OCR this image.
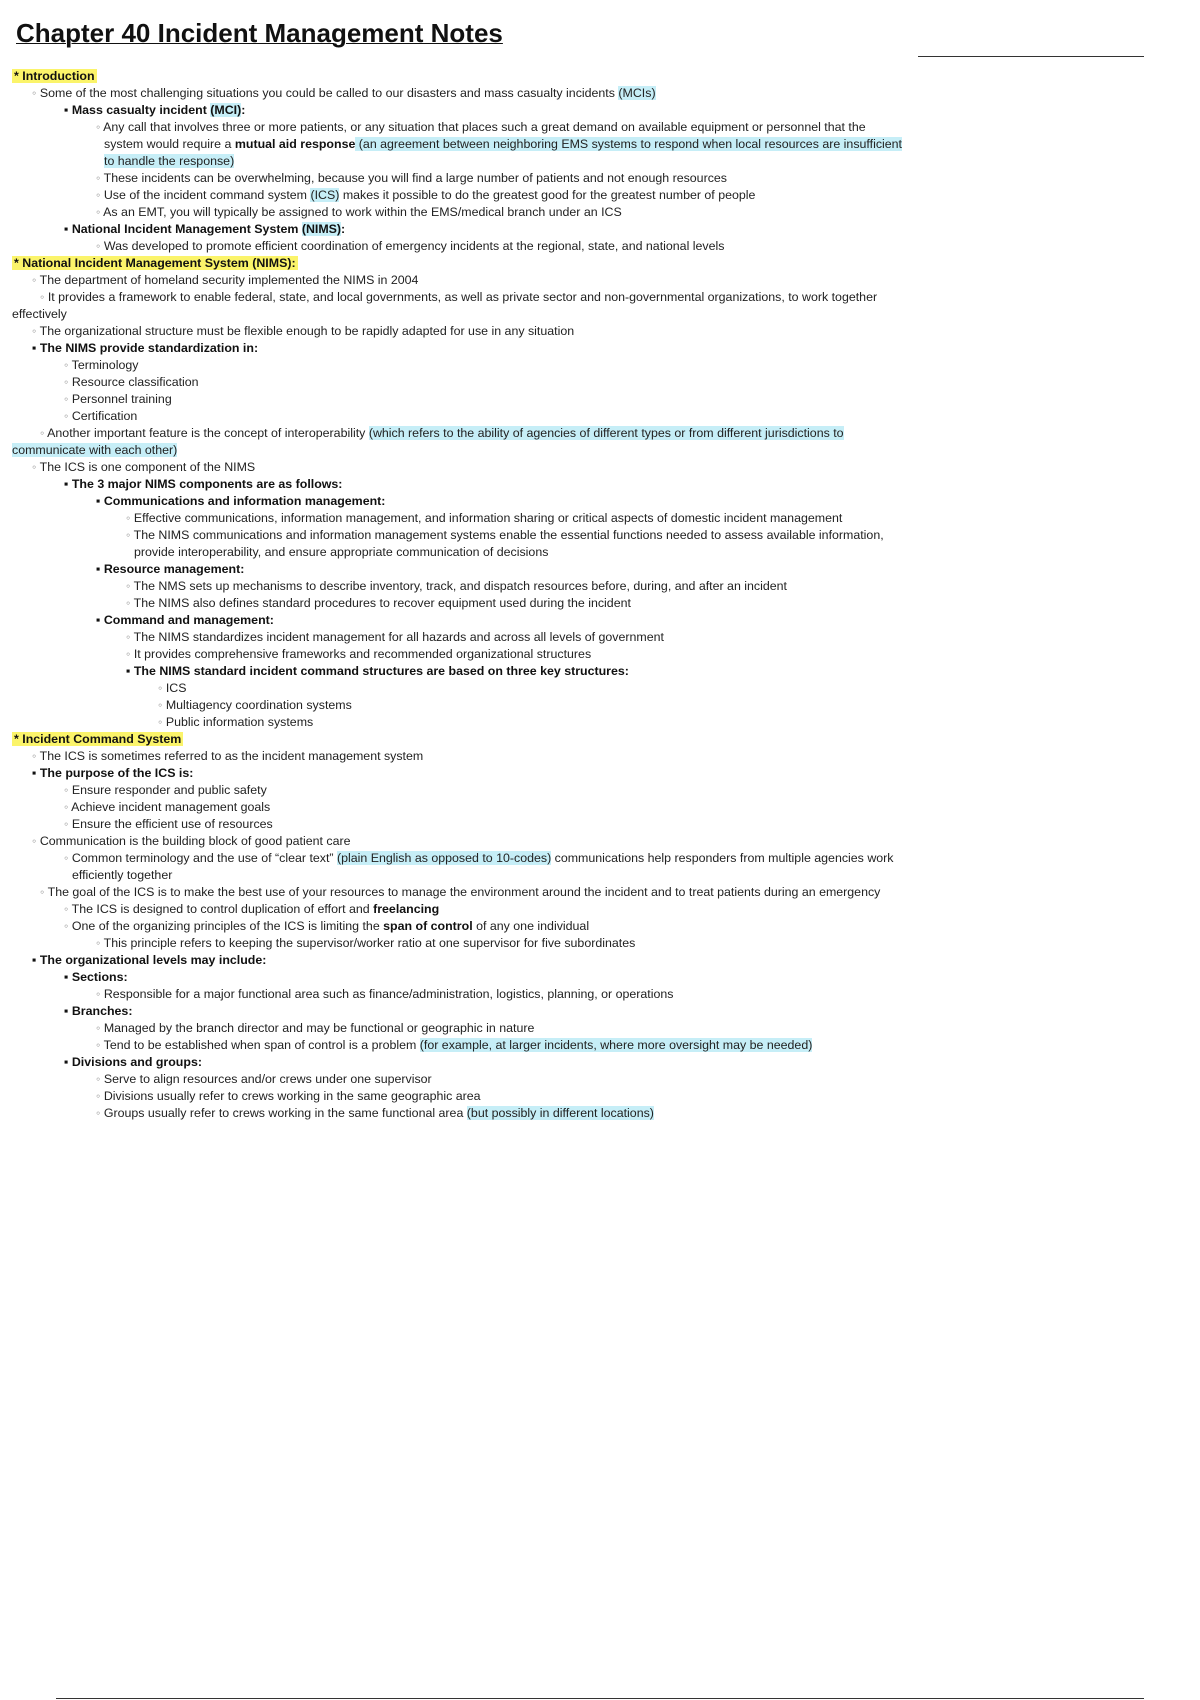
Chapter 40 Incident Management Notes
* Introduction
◦ Some of the most challenging situations you could be called to our disasters and mass casualty incidents (MCIs)
▪ Mass casualty incident (MCI):
◦ Any call that involves three or more patients, or any situation that places such a great demand on available equipment or personnel that the system would require a mutual aid response (an agreement between neighboring EMS systems to respond when local resources are insufficient to handle the response)
◦ These incidents can be overwhelming, because you will find a large number of patients and not enough resources
◦ Use of the incident command system (ICS) makes it possible to do the greatest good for the greatest number of people
◦ As an EMT, you will typically be assigned to work within the EMS/medical branch under an ICS
▪ National Incident Management System (NIMS):
◦ Was developed to promote efficient coordination of emergency incidents at the regional, state, and national levels
* National Incident Management System (NIMS):
◦ The department of homeland security implemented the NIMS in 2004
◦ It provides a framework to enable federal, state, and local governments, as well as private sector and non-governmental organizations, to work together effectively
◦ The organizational structure must be flexible enough to be rapidly adapted for use in any situation
▪ The NIMS provide standardization in:
◦ Terminology
◦ Resource classification
◦ Personnel training
◦ Certification
◦ Another important feature is the concept of interoperability (which refers to the ability of agencies of different types or from different jurisdictions to communicate with each other)
◦ The ICS is one component of the NIMS
▪ The 3 major NIMS components are as follows:
▪ Communications and information management:
◦ Effective communications, information management, and information sharing or critical aspects of domestic incident management
◦ The NIMS communications and information management systems enable the essential functions needed to assess available information, provide interoperability, and ensure appropriate communication of decisions
▪ Resource management:
◦ The NMS sets up mechanisms to describe inventory, track, and dispatch resources before, during, and after an incident
◦ The NIMS also defines standard procedures to recover equipment used during the incident
▪ Command and management:
◦ The NIMS standardizes incident management for all hazards and across all levels of government
◦ It provides comprehensive frameworks and recommended organizational structures
▪ The NIMS standard incident command structures are based on three key structures:
◦ ICS
◦ Multiagency coordination systems
◦ Public information systems
* Incident Command System
◦ The ICS is sometimes referred to as the incident management system
▪ The purpose of the ICS is:
◦ Ensure responder and public safety
◦ Achieve incident management goals
◦ Ensure the efficient use of resources
◦ Communication is the building block of good patient care
◦ Common terminology and the use of “clear text” (plain English as opposed to 10-codes) communications help responders from multiple agencies work efficiently together
◦ The goal of the ICS is to make the best use of your resources to manage the environment around the incident and to treat patients during an emergency
◦ The ICS is designed to control duplication of effort and freelancing
◦ One of the organizing principles of the ICS is limiting the span of control of any one individual
◦ This principle refers to keeping the supervisor/worker ratio at one supervisor for five subordinates
▪ The organizational levels may include:
▪ Sections:
◦ Responsible for a major functional area such as finance/administration, logistics, planning, or operations
▪ Branches:
◦ Managed by the branch director and may be functional or geographic in nature
◦ Tend to be established when span of control is a problem (for example, at larger incidents, where more oversight may be needed)
▪ Divisions and groups:
◦ Serve to align resources and/or crews under one supervisor
◦ Divisions usually refer to crews working in the same geographic area
◦ Groups usually refer to crews working in the same functional area (but possibly in different locations)
